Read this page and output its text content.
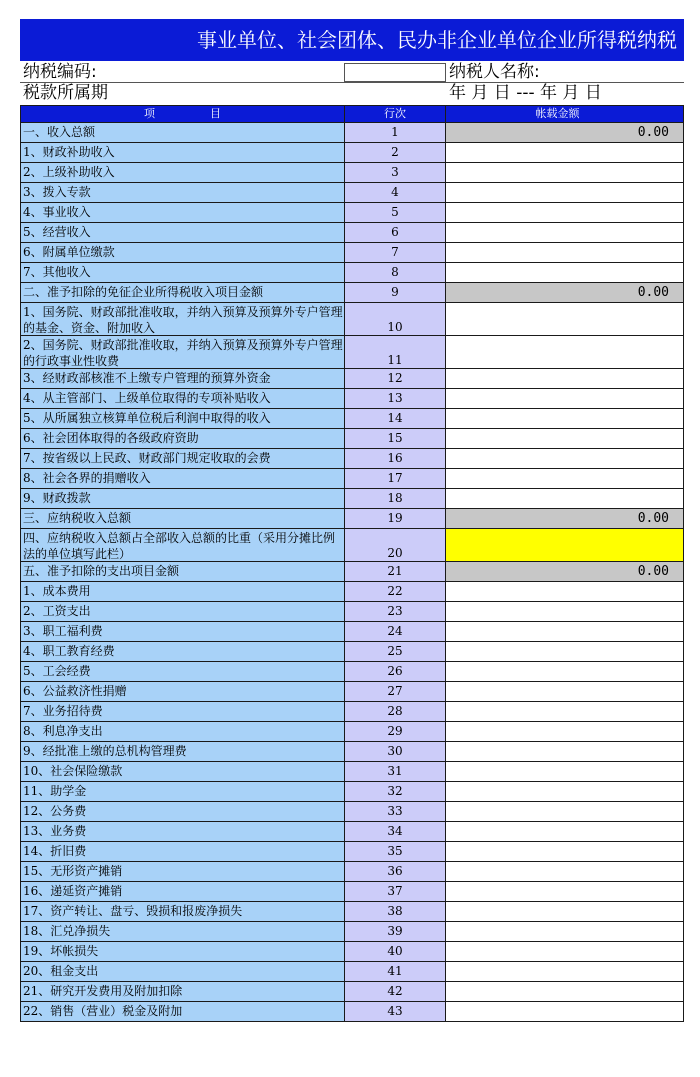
事业单位、社会团体、民办非企业单位企业所得税纳税
纳税编码:	纳税人名称:
税款所属期	年 月 日 --- 年 月 日
项　　　　　目	行次	帐载金额
一、收入总额	1	0.00
1、财政补助收入	2
2、上级补助收入	3
3、拨入专款	4
4、事业收入	5
5、经营收入	6
6、附属单位缴款	7
7、其他收入	8
二、准予扣除的免征企业所得税收入项目金额	9	0.00
1、国务院、财政部批准收取，并纳入预算及预算外专户管理的基金、资金、附加收入	10
2、国务院、财政部批准收取，并纳入预算及预算外专户管理的行政事业性收费	11
3、经财政部核准不上缴专户管理的预算外资金	12
4、从主管部门、上级单位取得的专项补贴收入	13
5、从所属独立核算单位税后利润中取得的收入	14
6、社会团体取得的各级政府资助	15
7、按省级以上民政、财政部门规定收取的会费	16
8、社会各界的捐赠收入	17
9、财政拨款	18
三、应纳税收入总额	19	0.00
四、应纳税收入总额占全部收入总额的比重（采用分摊比例法的单位填写此栏）	20
五、准予扣除的支出项目金额	21	0.00
1、成本费用	22
2、工资支出	23
3、职工福利费	24
4、职工教育经费	25
5、工会经费	26
6、公益救济性捐赠	27
7、业务招待费	28
8、利息净支出	29
9、经批准上缴的总机构管理费	30
10、社会保险缴款	31
11、助学金	32
12、公务费	33
13、业务费	34
14、折旧费	35
15、无形资产摊销	36
16、递延资产摊销	37
17、资产转让、盘亏、毁损和报废净损失	38
18、汇兑净损失	39
19、坏帐损失	40
20、租金支出	41
21、研究开发费用及附加扣除	42
22、销售（营业）税金及附加	43
